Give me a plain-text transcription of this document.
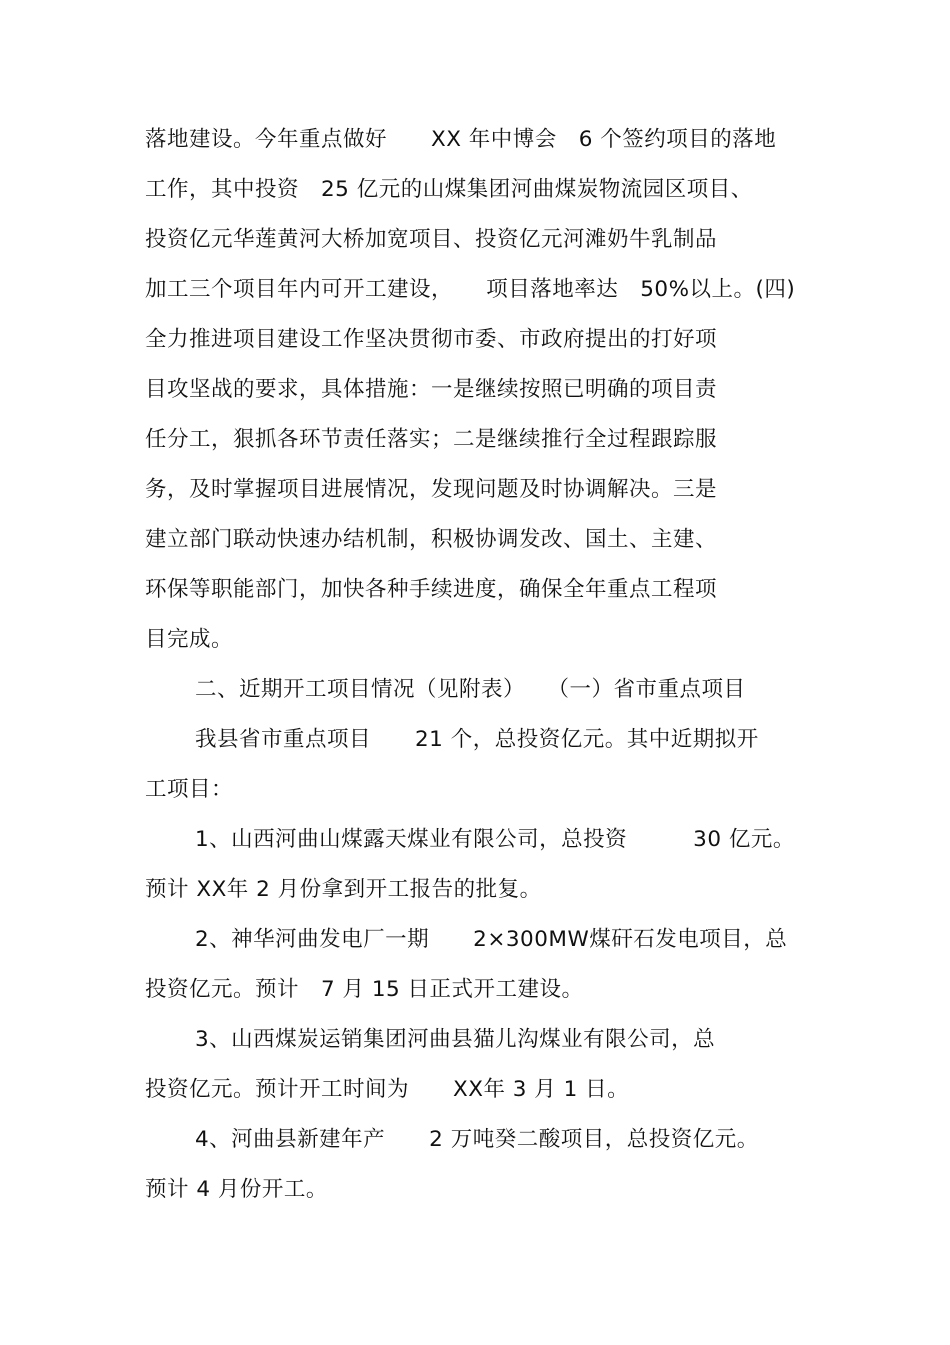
落地建设。今年重点做好　　XX 年中博会　6 个签约项目的落地
工作，其中投资　25 亿元的山煤集团河曲煤炭物流园区项目、
投资亿元华莲黄河大桥加宽项目、投资亿元河滩奶牛乳制品
加工三个项目年内可开工建设，　　项目落地率达　50%以上。(四)
全力推进项目建设工作坚决贯彻市委、市政府提出的打好项
目攻坚战的要求，具体措施：一是继续按照已明确的项目责
任分工，狠抓各环节责任落实；二是继续推行全过程跟踪服
务，及时掌握项目进展情况，发现问题及时协调解决。三是
建立部门联动快速办结机制，积极协调发改、国土、主建、
环保等职能部门，加快各种手续进度，确保全年重点工程项
目完成。
二、近期开工项目情况（见附表）　　（一）省市重点项目
我县省市重点项目　　21 个，总投资亿元。其中近期拟开
工项目：
1、山西河曲山煤露天煤业有限公司，总投资　　　30 亿元。
预计 XX年 2 月份拿到开工报告的批复。
2、神华河曲发电厂一期　　2×300MW煤矸石发电项目，总
投资亿元。预计　7 月 15 日正式开工建设。
3、山西煤炭运销集团河曲县猫儿沟煤业有限公司，总
投资亿元。预计开工时间为　　XX年 3 月 1 日。
4、河曲县新建年产　　2 万吨癸二酸项目，总投资亿元。
预计 4 月份开工。
